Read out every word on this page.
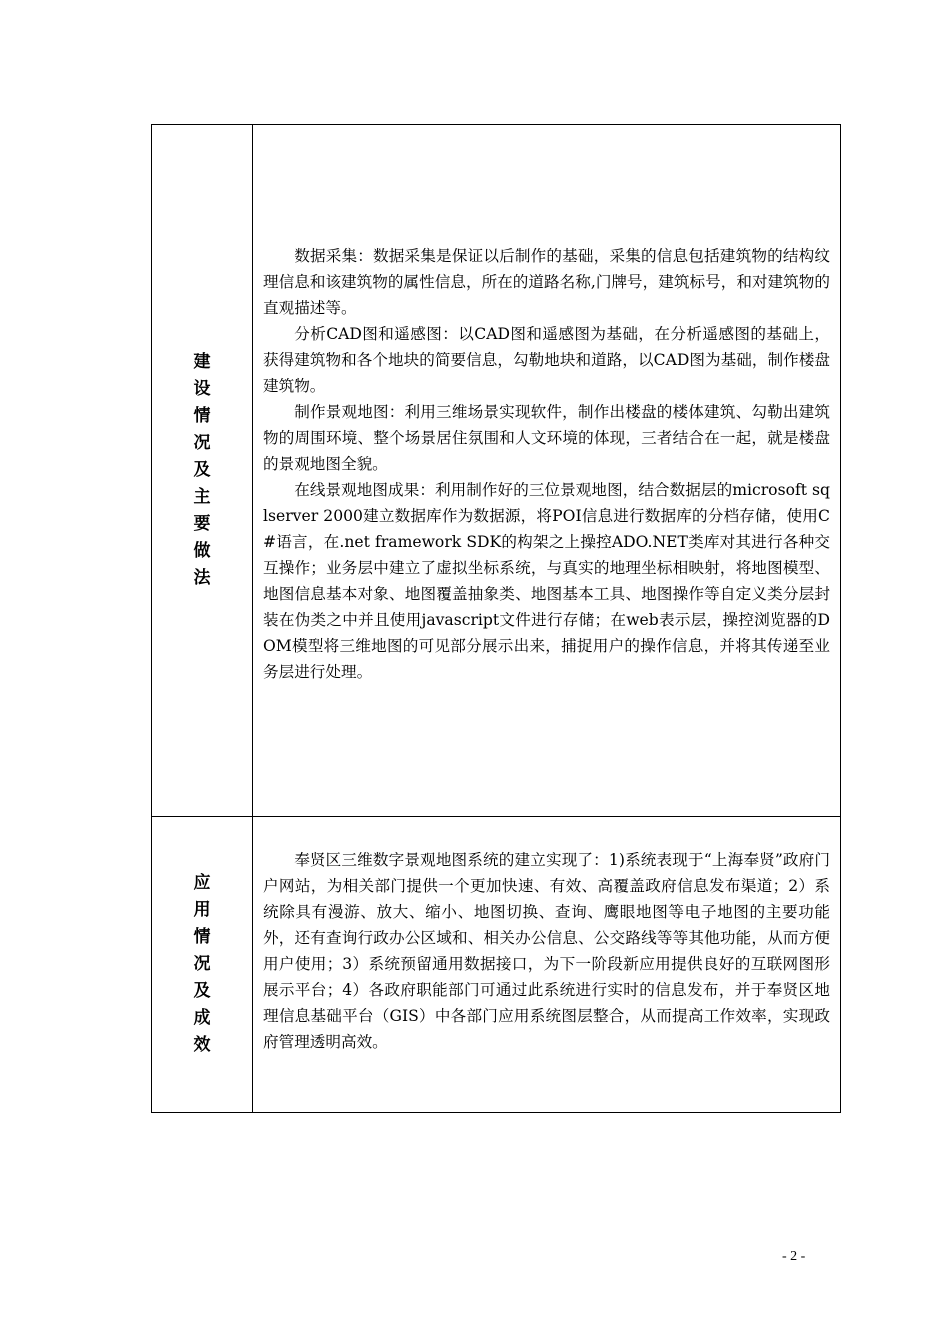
建设情况及主要做法	数据采集：数据采集是保证以后制作的基础，采集的信息包括建筑物的结构纹理信息和该建筑物的属性信息，所在的道路名称,门牌号，建筑标号，和对建筑物的直观描述等。

分析CAD图和遥感图：以CAD图和遥感图为基础，在分析遥感图的基础上，获得建筑物和各个地块的简要信息，勾勒地块和道路，以CAD图为基础，制作楼盘建筑物。

制作景观地图：利用三维场景实现软件，制作出楼盘的楼体建筑、勾勒出建筑物的周围环境、整个场景居住氛围和人文环境的体现，三者结合在一起，就是楼盘的景观地图全貌。

在线景观地图成果：利用制作好的三位景观地图，结合数据层的microsoft sqlserver 2000建立数据库作为数据源，将POI信息进行数据库的分档存储，使用C#语言，在.net framework SDK的构架之上操控ADO.NET类库对其进行各种交互操作；业务层中建立了虚拟坐标系统，与真实的地理坐标相映射，将地图模型、地图信息基本对象、地图覆盖抽象类、地图基本工具、地图操作等自定义类分层封装在伪类之中并且使用javascript文件进行存储；在web表示层，操控浏览器的DOM模型将三维地图的可见部分展示出来，捕捉用户的操作信息，并将其传递至业务层进行处理。

应用情况及成效	奉贤区三维数字景观地图系统的建立实现了：1)系统表现于“上海奉贤”政府门户网站，为相关部门提供一个更加快速、有效、高覆盖政府信息发布渠道；2）系统除具有漫游、放大、缩小、地图切换、查询、鹰眼地图等电子地图的主要功能外，还有查询行政办公区域和、相关办公信息、公交路线等等其他功能，从而方便用户使用；3）系统预留通用数据接口，为下一阶段新应用提供良好的互联网图形展示平台；4）各政府职能部门可通过此系统进行实时的信息发布，并于奉贤区地理信息基础平台（GIS）中各部门应用系统图层整合，从而提高工作效率，实现政府管理透明高效。

- 2 -
